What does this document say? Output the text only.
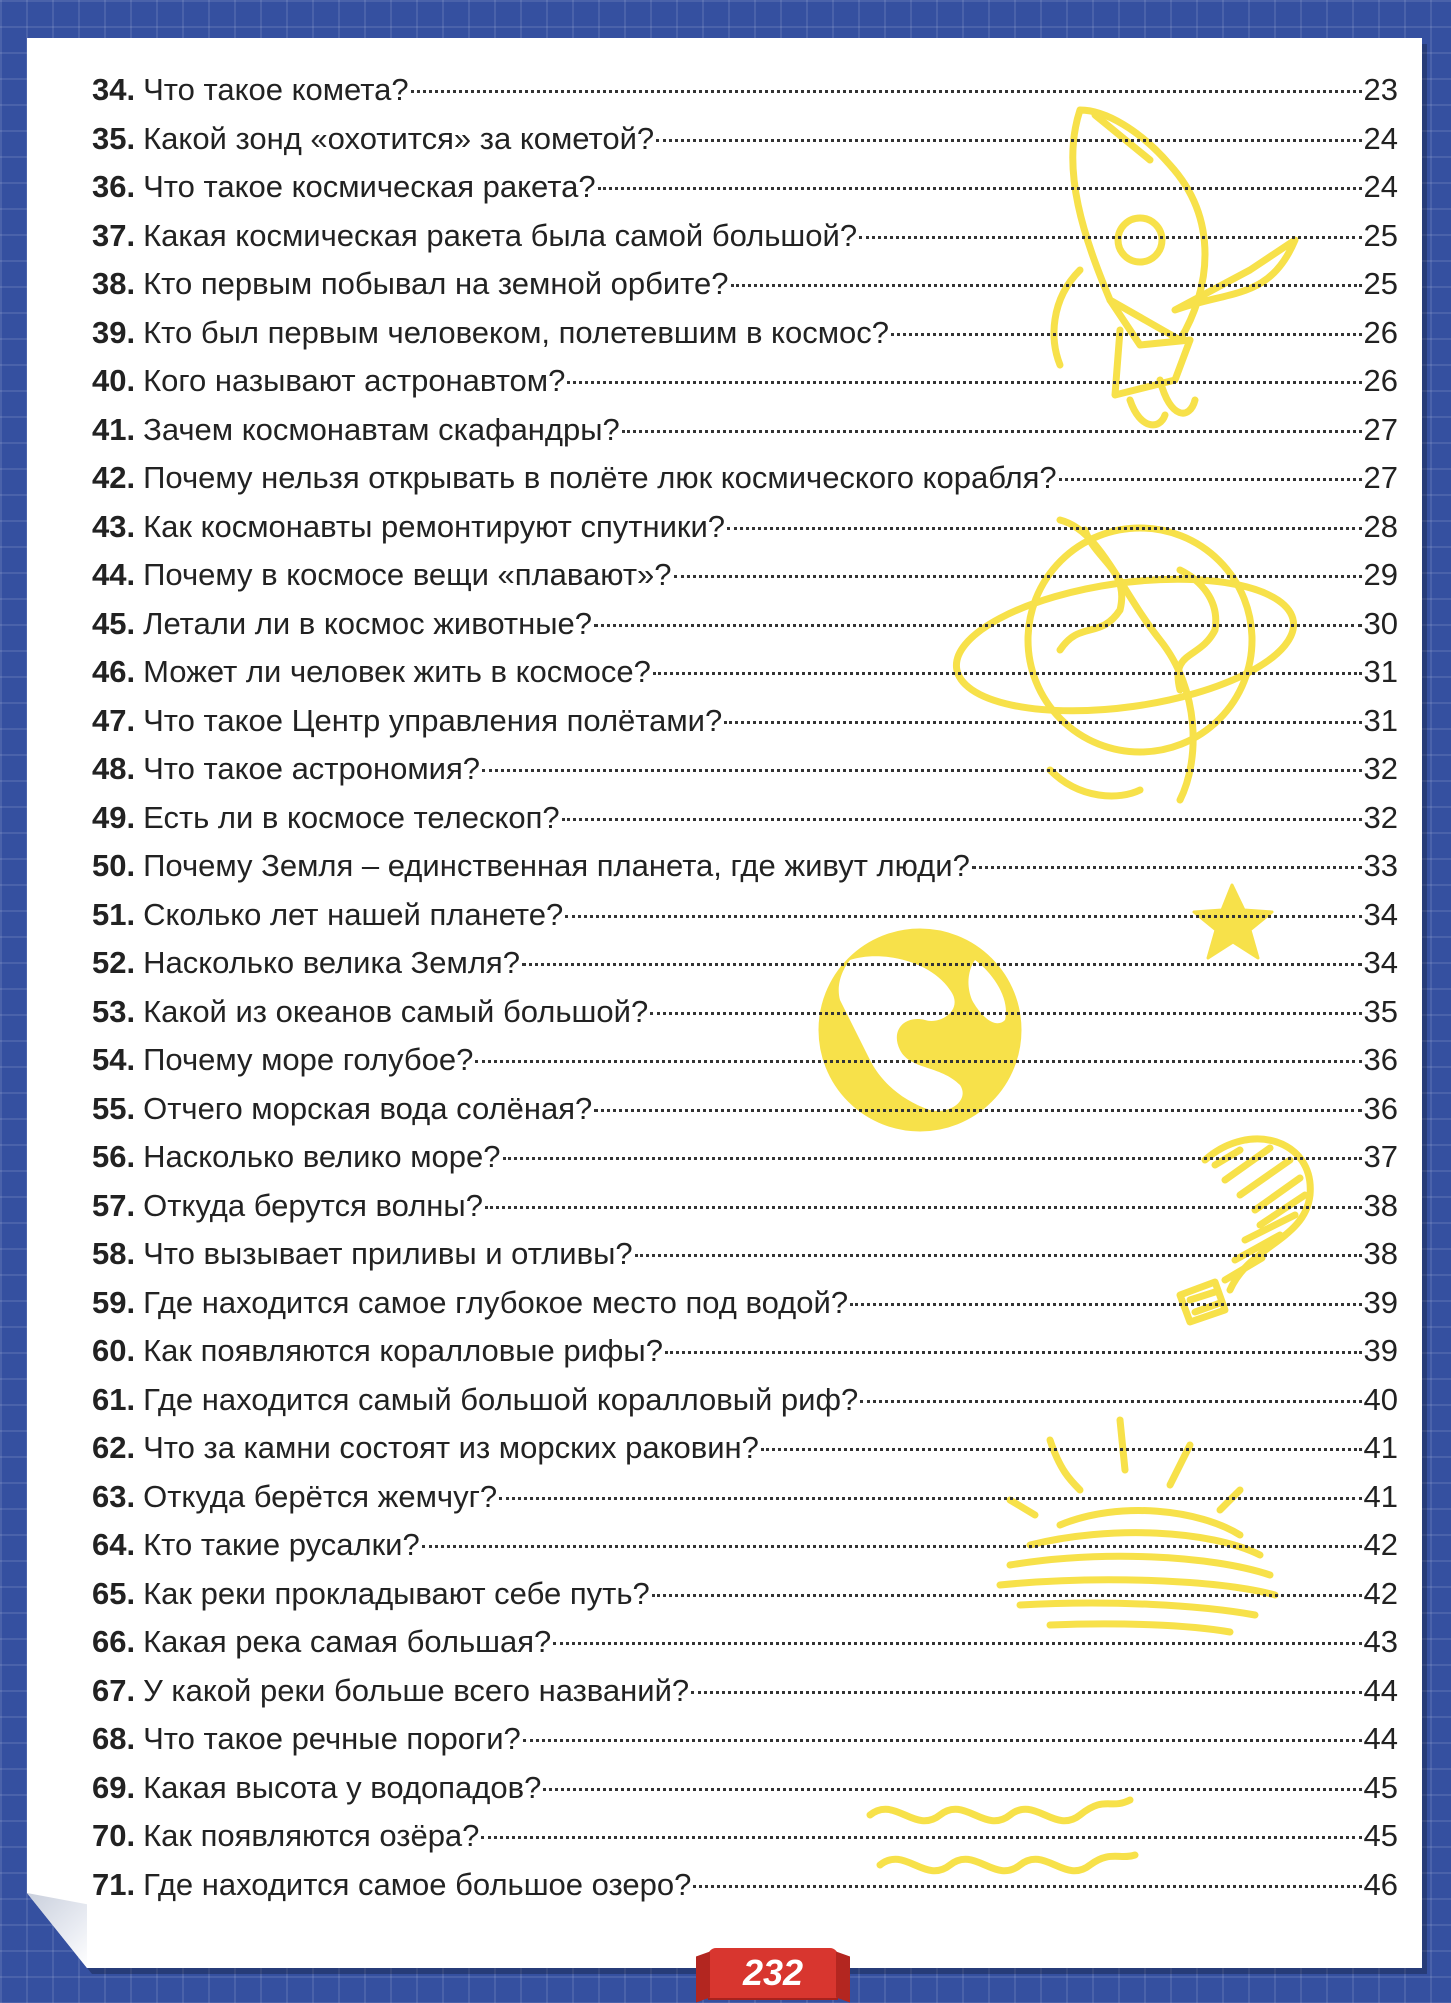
34. Что такое комета?	23
35. Какой зонд «охотится» за кометой?	24
36. Что такое космическая ракета?	24
37. Какая космическая ракета была самой большой?	25
38. Кто первым побывал на земной орбите?	25
39. Кто был первым человеком, полетевшим в космос?	26
40. Кого называют астронавтом?	26
41. Зачем космонавтам скафандры?	27
42. Почему нельзя открывать в полёте люк космического корабля?	27
43. Как космонавты ремонтируют спутники?	28
44. Почему в космосе вещи «плавают»?	29
45. Летали ли в космос животные?	30
46. Может ли человек жить в космосе?	31
47. Что такое Центр управления полётами?	31
48. Что такое астрономия?	32
49. Есть ли в космосе телескоп?	32
50. Почему Земля – единственная планета, где живут люди?	33
51. Сколько лет нашей планете?	34
52. Насколько велика Земля?	34
53. Какой из океанов самый большой?	35
54. Почему море голубое?	36
55. Отчего морская вода солёная?	36
56. Насколько велико море?	37
57. Откуда берутся волны?	38
58. Что вызывает приливы и отливы?	38
59. Где находится самое глубокое место под водой?	39
60. Как появляются коралловые рифы?	39
61. Где находится самый большой коралловый риф?	40
62. Что за камни состоят из морских раковин?	41
63. Откуда берётся жемчуг?	41
64. Кто такие русалки?	42
65. Как реки прокладывают себе путь?	42
66. Какая река самая большая?	43
67. У какой реки больше всего названий?	44
68. Что такое речные пороги?	44
69. Какая высота у водопадов?	45
70. Как появляются озёра?	45
71. Где находится самое большое озеро?	46
232
